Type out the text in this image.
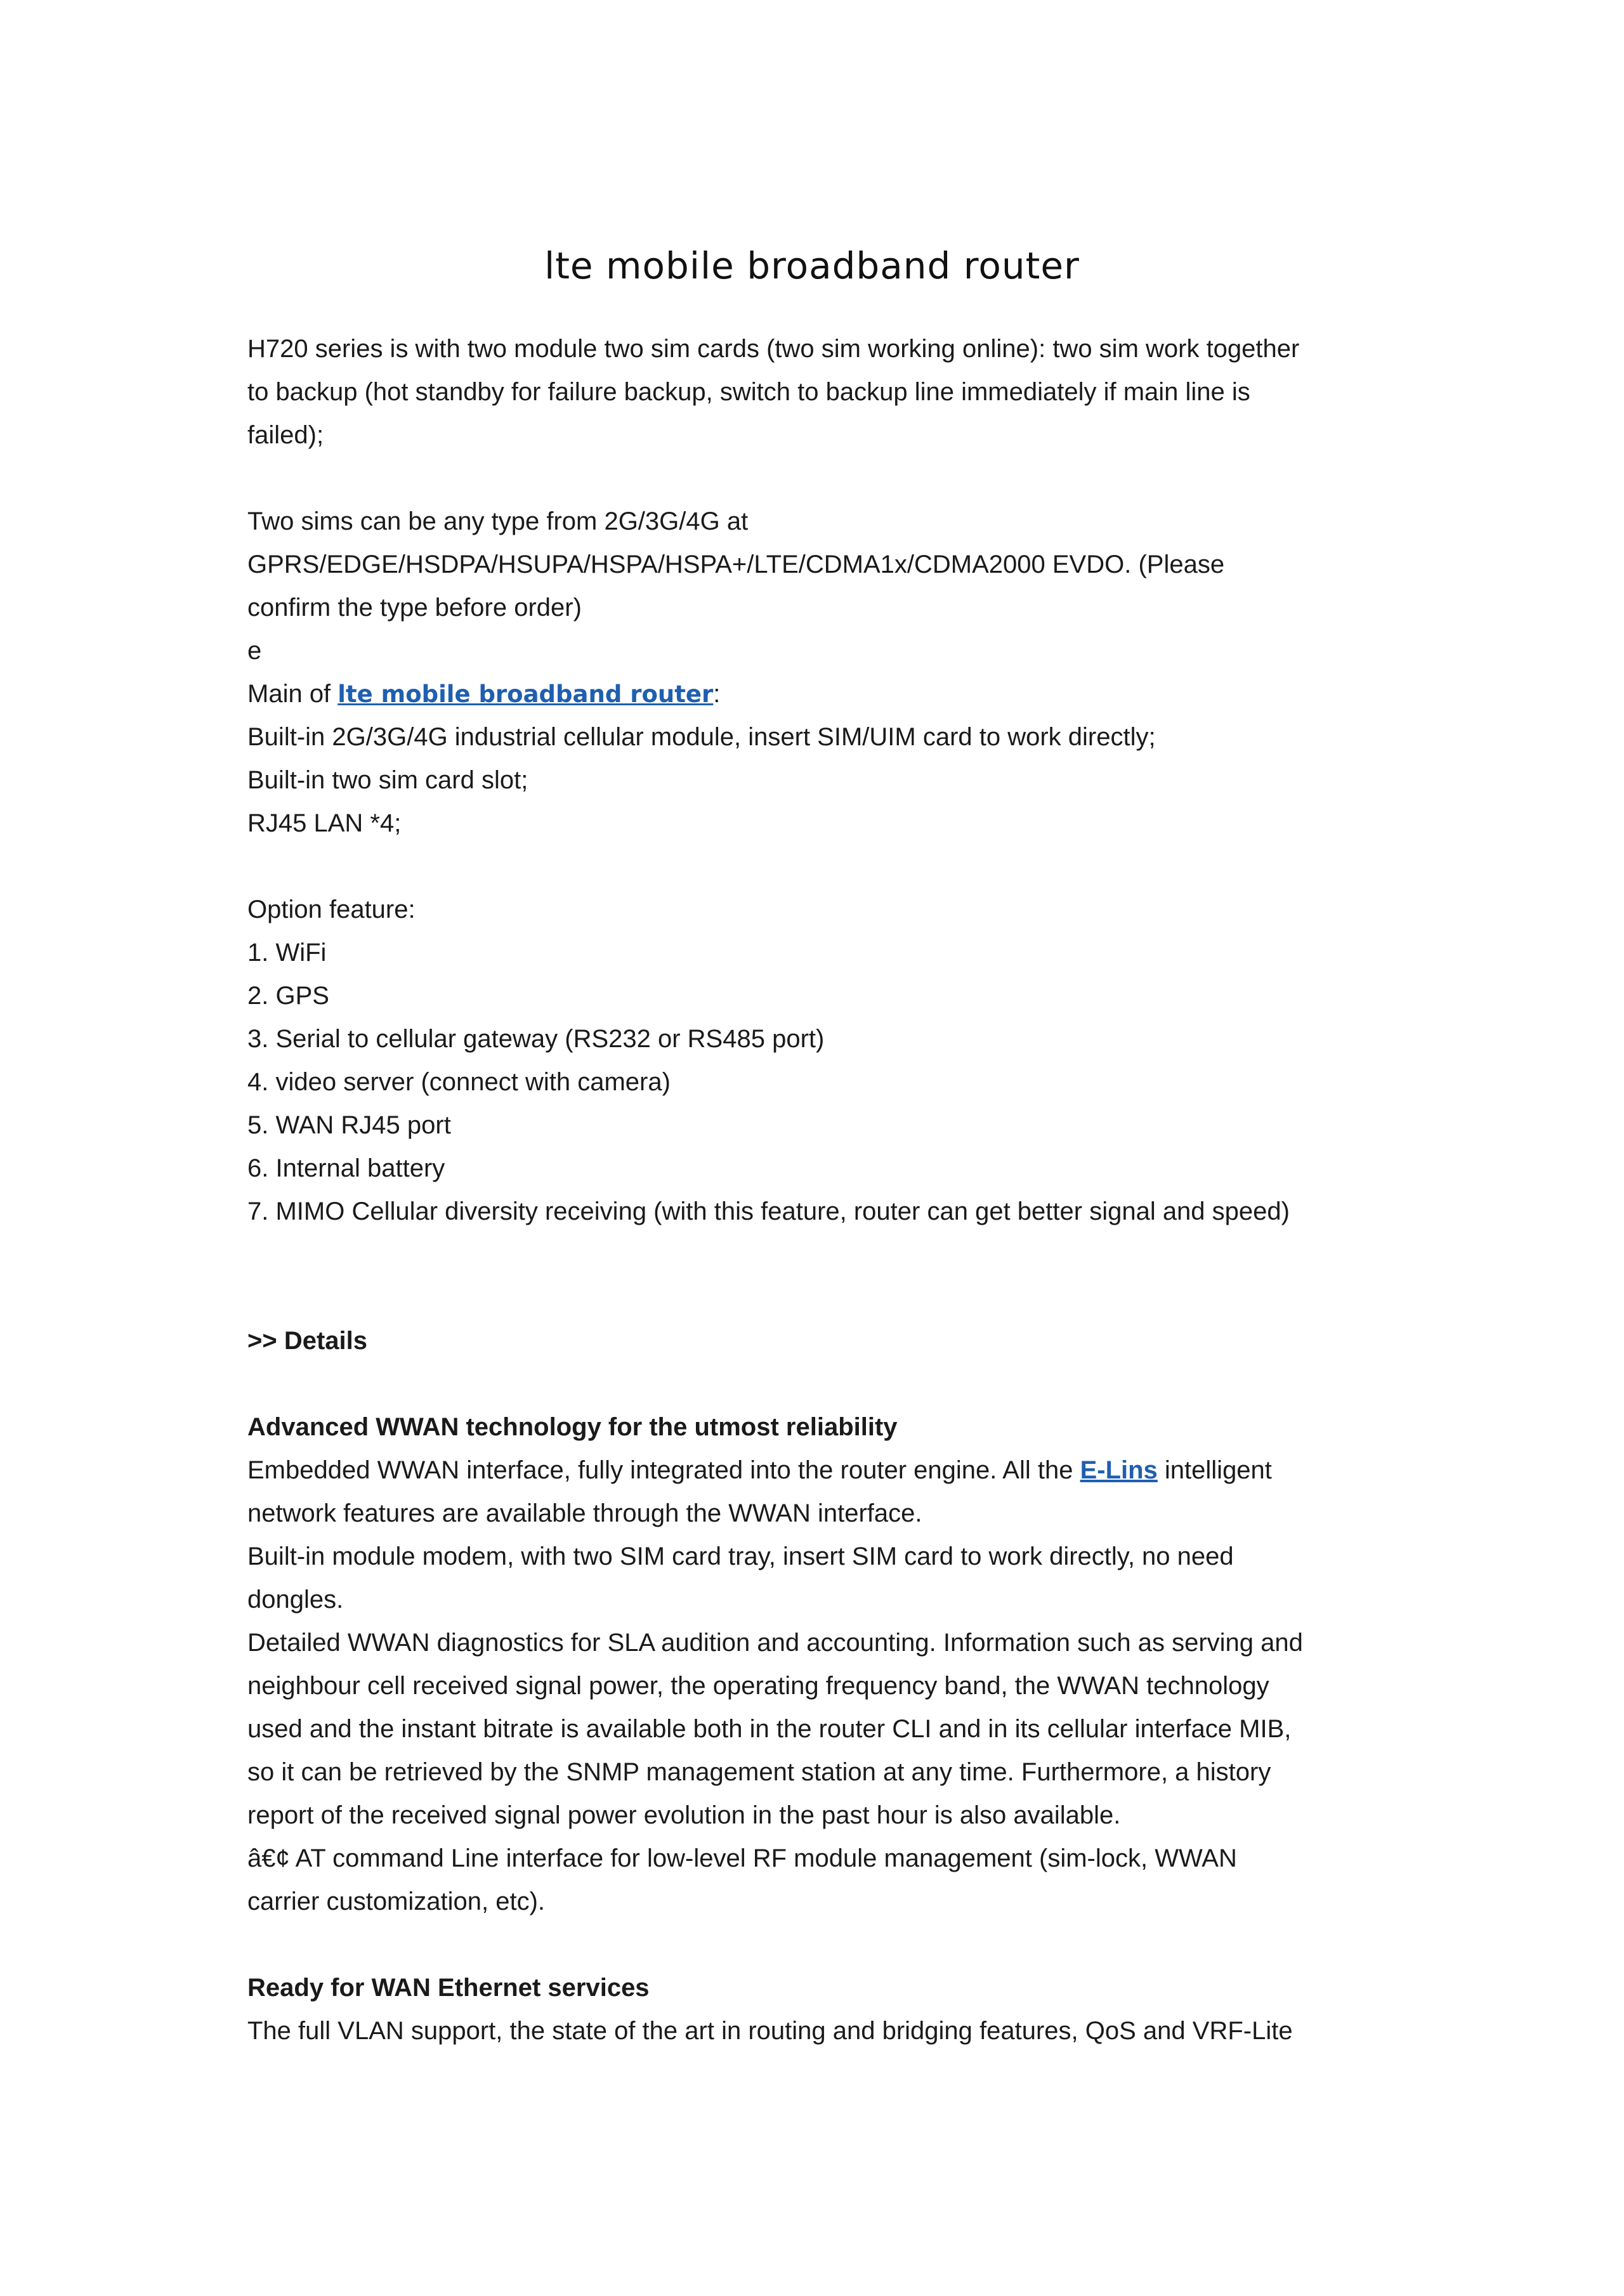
lte mobile broadband router
H720 series is with two module two sim cards (two sim working online): two sim work together
to backup (hot standby for failure backup, switch to backup line immediately if main line is
failed);
Two sims can be any type from 2G/3G/4G at
GPRS/EDGE/HSDPA/HSUPA/HSPA/HSPA+/LTE/CDMA1x/CDMA2000 EVDO. (Please
confirm the type before order)
e
Main of lte mobile broadband router:
Built-in 2G/3G/4G industrial cellular module, insert SIM/UIM card to work directly;
Built-in two sim card slot;
RJ45 LAN *4;
Option feature:
1. WiFi
2. GPS
3. Serial to cellular gateway (RS232 or RS485 port)
4. video server (connect with camera)
5. WAN RJ45 port
6. Internal battery
7. MIMO Cellular diversity receiving (with this feature, router can get better signal and speed)
>> Details
Advanced WWAN technology for the utmost reliability
Embedded WWAN interface, fully integrated into the router engine. All the E-Lins intelligent
network features are available through the WWAN interface.
Built-in module modem, with two SIM card tray, insert SIM card to work directly, no need
dongles.
Detailed WWAN diagnostics for SLA audition and accounting. Information such as serving and
neighbour cell received signal power, the operating frequency band, the WWAN technology
used and the instant bitrate is available both in the router CLI and in its cellular interface MIB,
so it can be retrieved by the SNMP management station at any time. Furthermore, a history
report of the received signal power evolution in the past hour is also available.
â€¢ AT command Line interface for low-level RF module management (sim-lock, WWAN
carrier customization, etc).
Ready for WAN Ethernet services
The full VLAN support, the state of the art in routing and bridging features, QoS and VRF-Lite
